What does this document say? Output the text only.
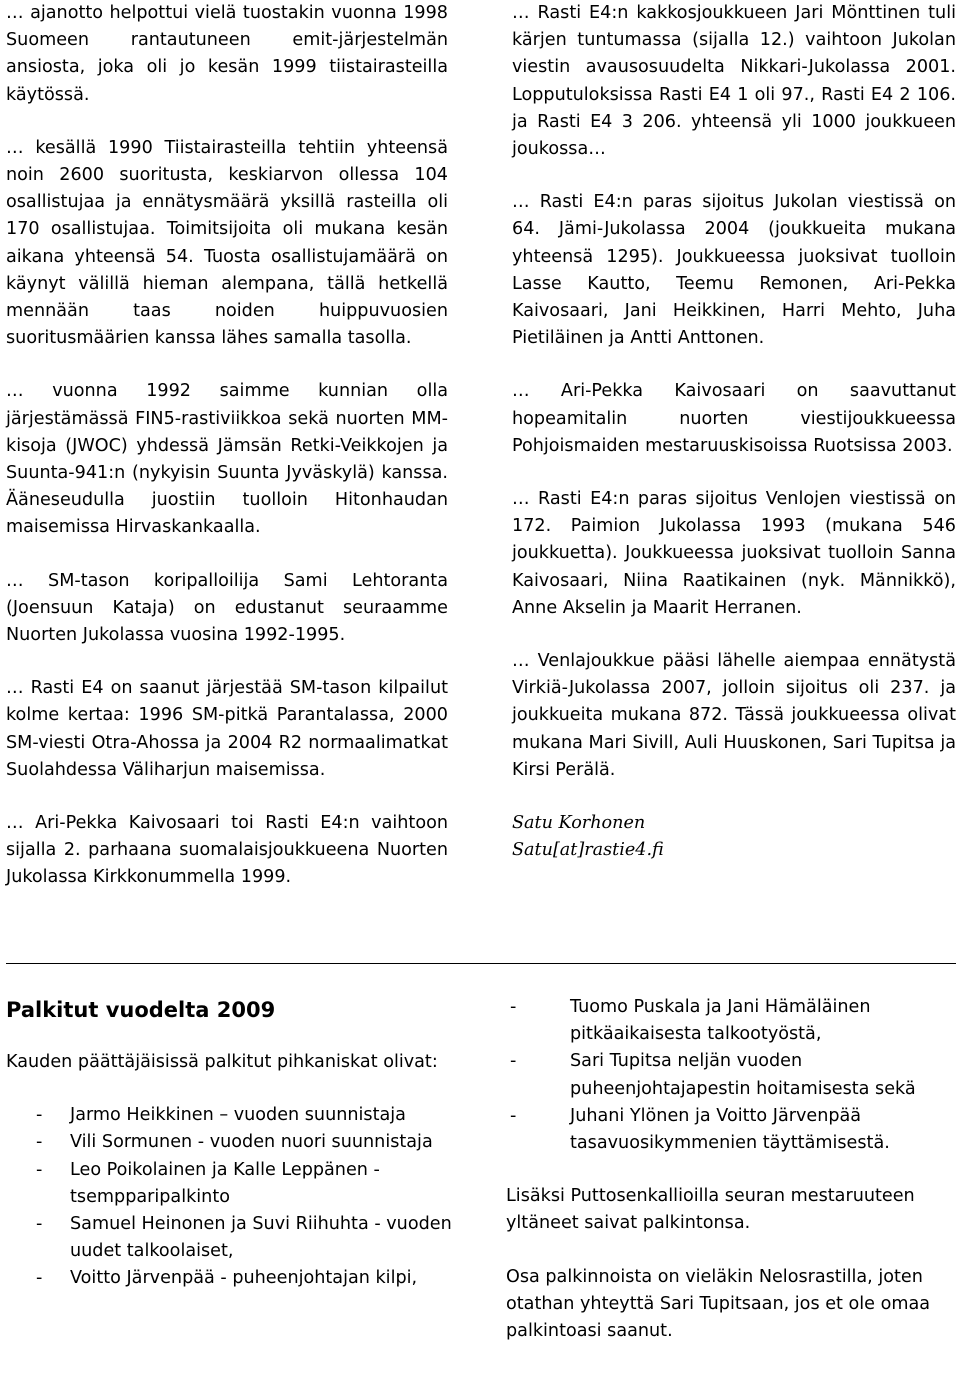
… ajanotto helpottui vielä tuostakin vuonna 1998 Suomeen rantautuneen emit-järjestelmän ansiosta, joka oli jo kesän 1999 tiistairasteilla käytössä.

… kesällä 1990 Tiistairasteilla tehtiin yhteensä noin 2600 suoritusta, keskiarvon ollessa 104 osallistujaa ja ennätysmäärä yksillä rasteilla oli 170 osallistujaa. Toimitsijoita oli mukana kesän aikana yhteensä 54. Tuosta osallistujamäärä on käynyt välillä hieman alempana, tällä hetkellä mennään taas noiden huippuvuosien suoritusmäärien kanssa lähes samalla tasolla.

… vuonna 1992 saimme kunnian olla järjestämässä FIN5-rastiviikkoa sekä nuorten MM-kisoja (JWOC) yhdessä Jämsän Retki-Veikkojen ja Suunta-941:n (nykyisin Suunta Jyväskylä) kanssa. Ääneseudulla juostiin tuolloin Hitonhaudan maisemissa Hirvaskankaalla.

… SM-tason koripalloilija Sami Lehtoranta (Joensuun Kataja) on edustanut seuraamme Nuorten Jukolassa vuosina 1992-1995.

… Rasti E4 on saanut järjestää SM-tason kilpailut kolme kertaa: 1996 SM-pitkä Parantalassa, 2000 SM-viesti Otra-Ahossa ja 2004 R2 normaalimatkat Suolahdessa Väliharjun maisemissa.

… Ari-Pekka Kaivosaari toi Rasti E4:n vaihtoon sijalla 2. parhaana suomalaisjoukkueena Nuorten Jukolassa Kirkkonummella 1999.

… Rasti E4:n kakkosjoukkueen Jari Mönttinen tuli kärjen tuntumassa (sijalla 12.) vaihtoon Jukolan viestin avausosuudelta Nikkari-Jukolassa 2001. Lopputuloksissa Rasti E4 1 oli 97., Rasti E4 2 106. ja Rasti E4 3 206. yhteensä yli 1000 joukkueen joukossa…

… Rasti E4:n paras sijoitus Jukolan viestissä on 64. Jämi-Jukolassa 2004 (joukkueita mukana yhteensä 1295). Joukkueessa juoksivat tuolloin Lasse Kautto, Teemu Remonen, Ari-Pekka Kaivosaari, Jani Heikkinen, Harri Mehto, Juha Pietiläinen ja Antti Anttonen.

… Ari-Pekka Kaivosaari on saavuttanut hopeamitalin nuorten viestijoukkueessa Pohjoismaiden mestaruuskisoissa Ruotsissa 2003.

… Rasti E4:n paras sijoitus Venlojen viestissä on 172. Paimion Jukolassa 1993 (mukana 546 joukkuetta). Joukkueessa juoksivat tuolloin Sanna Kaivosaari, Niina Raatikainen (nyk. Männikkö), Anne Akselin ja Maarit Herranen.

… Venlajoukkue pääsi lähelle aiempaa ennätystä Virkiä-Jukolassa 2007, jolloin sijoitus oli 237. ja joukkueita mukana 872. Tässä joukkueessa olivat mukana Mari Sivill, Auli Huuskonen, Sari Tupitsa ja Kirsi Perälä.

Satu Korhonen

Satu[at]rastie4.fi

Palkitut vuodelta 2009
Kauden päättäjäisissä palkitut pihkaniskat olivat:
- Jarmo Heikkinen – vuoden suunnistaja
- Vili Sormunen - vuoden nuori suunnistaja
- Leo Poikolainen ja Kalle Leppänen - tsempparipalkinto
- Samuel Heinonen ja Suvi Riihuhta - vuoden uudet talkoolaiset,
- Voitto Järvenpää - puheenjohtajan kilpi,
-	Tuomo Puskala ja Jani Hämäläinen pitkäaikaisesta talkootyöstä,
-	Sari Tupitsa neljän vuoden puheenjohtajapestin hoitamisesta sekä
-	Juhani Ylönen ja Voitto Järvenpää tasavuosikymmenien täyttämisestä.

Lisäksi Puttosenkallioilla seuran mestaruuteen yltäneet saivat palkintonsa.

Osa palkinnoista on vieläkin Nelosrastilla, joten otathan yhteyttä Sari Tupitsaan, jos et ole omaa palkintoasi saanut.
